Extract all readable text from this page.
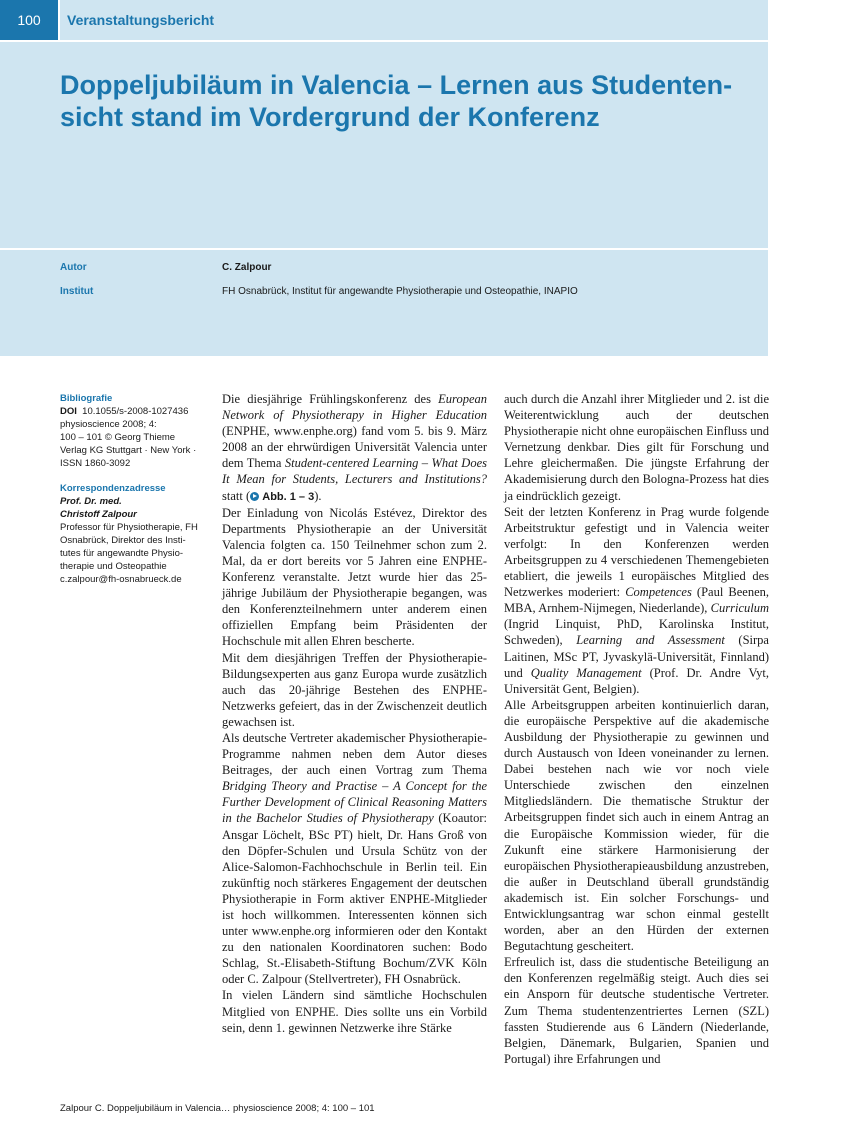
100	Veranstaltungsbericht
Doppeljubiläum in Valencia – Lernen aus Studenten-
sicht stand im Vordergrund der Konferenz
Autor	C. Zalpour
Institut	FH Osnabrück, Institut für angewandte Physiotherapie und Osteopathie, INAPIO
Bibliografie
DOI 10.1055/s-2008-1027436
physioscience 2008; 4:
100 – 101 © Georg Thieme
Verlag KG Stuttgart · New York ·
ISSN 1860-3092
Korrespondenzadresse
Prof. Dr. med.
Christoff Zalpour
Professor für Physiotherapie, FH
Osnabrück, Direktor des Insti-
tutes für angewandte Physio-
therapie und Osteopathie
c.zalpour@fh-osnabrueck.de

Die diesjährige Frühlingskonferenz des European Network of Physiotherapy in Higher Education (ENPHE, www.enphe.org) fand vom 5. bis 9. März 2008 an der ehrwürdigen Universität Valencia unter dem Thema Student-centered Learning – What Does It Mean for Students, Lecturers and Institutions? statt ( Abb. 1 – 3).

Der Einladung von Nicolás Estévez, Direktor des Departments Physiotherapie an der Universität Valencia folgten ca. 150 Teilnehmer schon zum 2. Mal, da er dort bereits vor 5 Jahren eine ENPHE-Konferenz veranstalte. Jetzt wurde hier das 25-jährige Jubiläum der Physiotherapie begangen, was den Konferenzteilnehmern unter anderem einen offiziellen Empfang beim Präsidenten der Hochschule mit allen Ehren bescherte.

Mit dem diesjährigen Treffen der Physiotherapie-Bildungsexperten aus ganz Europa wurde zusätzlich auch das 20-jährige Bestehen des ENPHE-Netzwerks gefeiert, das in der Zwischenzeit deutlich gewachsen ist.

Als deutsche Vertreter akademischer Physiotherapie-Programme nahmen neben dem Autor dieses Beitrages, der auch einen Vortrag zum Thema Bridging Theory and Practise – A Concept for the Further Development of Clinical Reasoning Matters in the Bachelor Studies of Physiotherapy (Koautor: Ansgar Löchelt, BSc PT) hielt, Dr. Hans Groß von den Döpfer-Schulen und Ursula Schütz von der Alice-Salomon-Fachhochschule in Berlin teil. Ein zukünftig noch stärkeres Engagement der deutschen Physiotherapie in Form aktiver ENPHE-Mitglieder ist hoch willkommen. Interessenten können sich unter www.enphe.org informieren oder den Kontakt zu den nationalen Koordinatoren suchen: Bodo Schlag, St.-Elisabeth-Stiftung Bochum/ZVK Köln oder C. Zalpour (Stellvertreter), FH Osnabrück.

In vielen Ländern sind sämtliche Hochschulen Mitglied von ENPHE. Dies sollte uns ein Vorbild sein, denn 1. gewinnen Netzwerke ihre Stärke

auch durch die Anzahl ihrer Mitglieder und 2. ist die Weiterentwicklung auch der deutschen Physiotherapie nicht ohne europäischen Einfluss und Vernetzung denkbar. Dies gilt für Forschung und Lehre gleichermaßen. Die jüngste Erfahrung der Akademisierung durch den Bologna-Prozess hat dies ja eindrücklich gezeigt.

Seit der letzten Konferenz in Prag wurde folgende Arbeitstruktur gefestigt und in Valencia weiter verfolgt: In den Konferenzen werden Arbeitsgruppen zu 4 verschiedenen Themengebieten etabliert, die jeweils 1 europäisches Mitglied des Netzwerkes moderiert: Competences (Paul Beenen, MBA, Arnhem-Nijmegen, Niederlande), Curriculum (Ingrid Linquist, PhD, Karolinska Institut, Schweden), Learning and Assessment (Sirpa Laitinen, MSc PT, Jyvaskylä-Universität, Finnland) und Quality Management (Prof. Dr. Andre Vyt, Universität Gent, Belgien).

Alle Arbeitsgruppen arbeiten kontinuierlich daran, die europäische Perspektive auf die akademische Ausbildung der Physiotherapie zu gewinnen und durch Austausch von Ideen voneinander zu lernen. Dabei bestehen nach wie vor noch viele Unterschiede zwischen den einzelnen Mitgliedsländern. Die thematische Struktur der Arbeitsgruppen findet sich auch in einem Antrag an die Europäische Kommission wieder, für die Zukunft eine stärkere Harmonisierung der europäischen Physiotherapieausbildung anzustreben, die außer in Deutschland überall grundständig akademisch ist. Ein solcher Forschungs- und Entwicklungsantrag war schon einmal gestellt worden, aber an den Hürden der externen Begutachtung gescheitert.

Erfreulich ist, dass die studentische Beteiligung an den Konferenzen regelmäßig steigt. Auch dies sei ein Ansporn für deutsche studentische Vertreter. Zum Thema studentenzentriertes Lernen (SZL) fassten Studierende aus 6 Ländern (Niederlande, Belgien, Dänemark, Bulgarien, Spanien und Portugal) ihre Erfahrungen und

Zalpour C. Doppeljubiläum in Valencia… physioscience 2008; 4: 100 – 101
